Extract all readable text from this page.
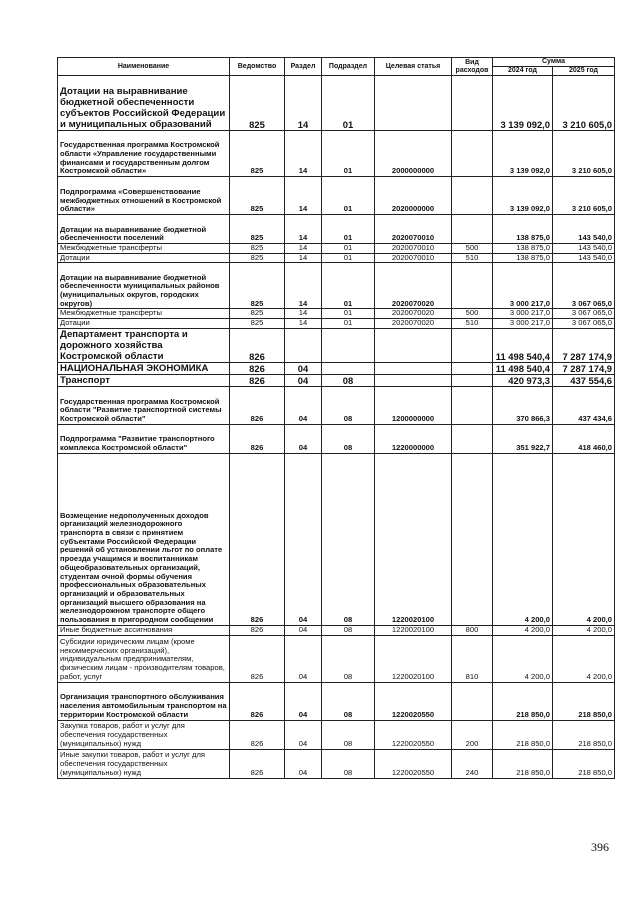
Наименование	Ведомство	Раздел	Подраздел	Целевая статья	Вид расходов	Сумма	
						2024 год	2025 год
Дотации на выравнивание бюджетной обеспеченности субъектов Российской Федерации и муниципальных образований	825	14	01			3 139 092,0	3 210 605,0
Государственная программа Костромской области «Управление государственными финансами и государственным долгом Костромской области»	825	14	01	2000000000		3 139 092,0	3 210 605,0
Подпрограмма «Совершенствование межбюджетных отношений в Костромской области»	825	14	01	2020000000		3 139 092,0	3 210 605,0
Дотации на выравнивание бюджетной обеспеченности поселений	825	14	01	2020070010		138 875,0	143 540,0
Межбюджетные трансферты	825	14	01	2020070010	500	138 875,0	143 540,0
Дотации	825	14	01	2020070010	510	138 875,0	143 540,0
Дотации на выравнивание бюджетной обеспеченности муниципальных районов (муниципальных округов, городских округов)	825	14	01	2020070020		3 000 217,0	3 067 065,0
Межбюджетные трансферты	825	14	01	2020070020	500	3 000 217,0	3 067 065,0
Дотации	825	14	01	2020070020	510	3 000 217,0	3 067 065,0
Департамент транспорта и дорожного хозяйства Костромской области	826					11 498 540,4	7 287 174,9
НАЦИОНАЛЬНАЯ ЭКОНОМИКА	826	04				11 498 540,4	7 287 174,9
Транспорт	826	04	08			420 973,3	437 554,6
Государственная программа Костромской области "Развитие транспортной системы Костромской области"	826	04	08	1200000000		370 866,3	437 434,6
Подпрограмма "Развитие транспортного комплекса Костромской области"	826	04	08	1220000000		351 922,7	418 460,0
Возмещение недополученных доходов организаций железнодорожного транспорта в связи с принятием субъектами Российской Федерации решений об установлении льгот по оплате проезда учащимся и воспитанникам общеобразовательных организаций, студентам очной формы обучения профессиональных образовательных организаций и образовательных организаций высшего образования на железнодорожном транспорте общего пользования в пригородном сообщении	826	04	08	1220020100		4 200,0	4 200,0
Иные бюджетные ассигнования	826	04	08	1220020100	800	4 200,0	4 200,0
Субсидии юридическим лицам (кроме некоммерческих организаций), индивидуальным предпринимателям, физическим лицам - производителям товаров, работ, услуг	826	04	08	1220020100	810	4 200,0	4 200,0
Организация транспортного обслуживания населения автомобильным транспортом на территории Костромской области	826	04	08	1220020550		218 850,0	218 850,0
Закупка товаров, работ и услуг для обеспечения государственных (муниципальных) нужд	826	04	08	1220020550	200	218 850,0	218 850,0
Иные закупки товаров, работ и услуг для обеспечения государственных (муниципальных) нужд	826	04	08	1220020550	240	218 850,0	218 850,0
396
